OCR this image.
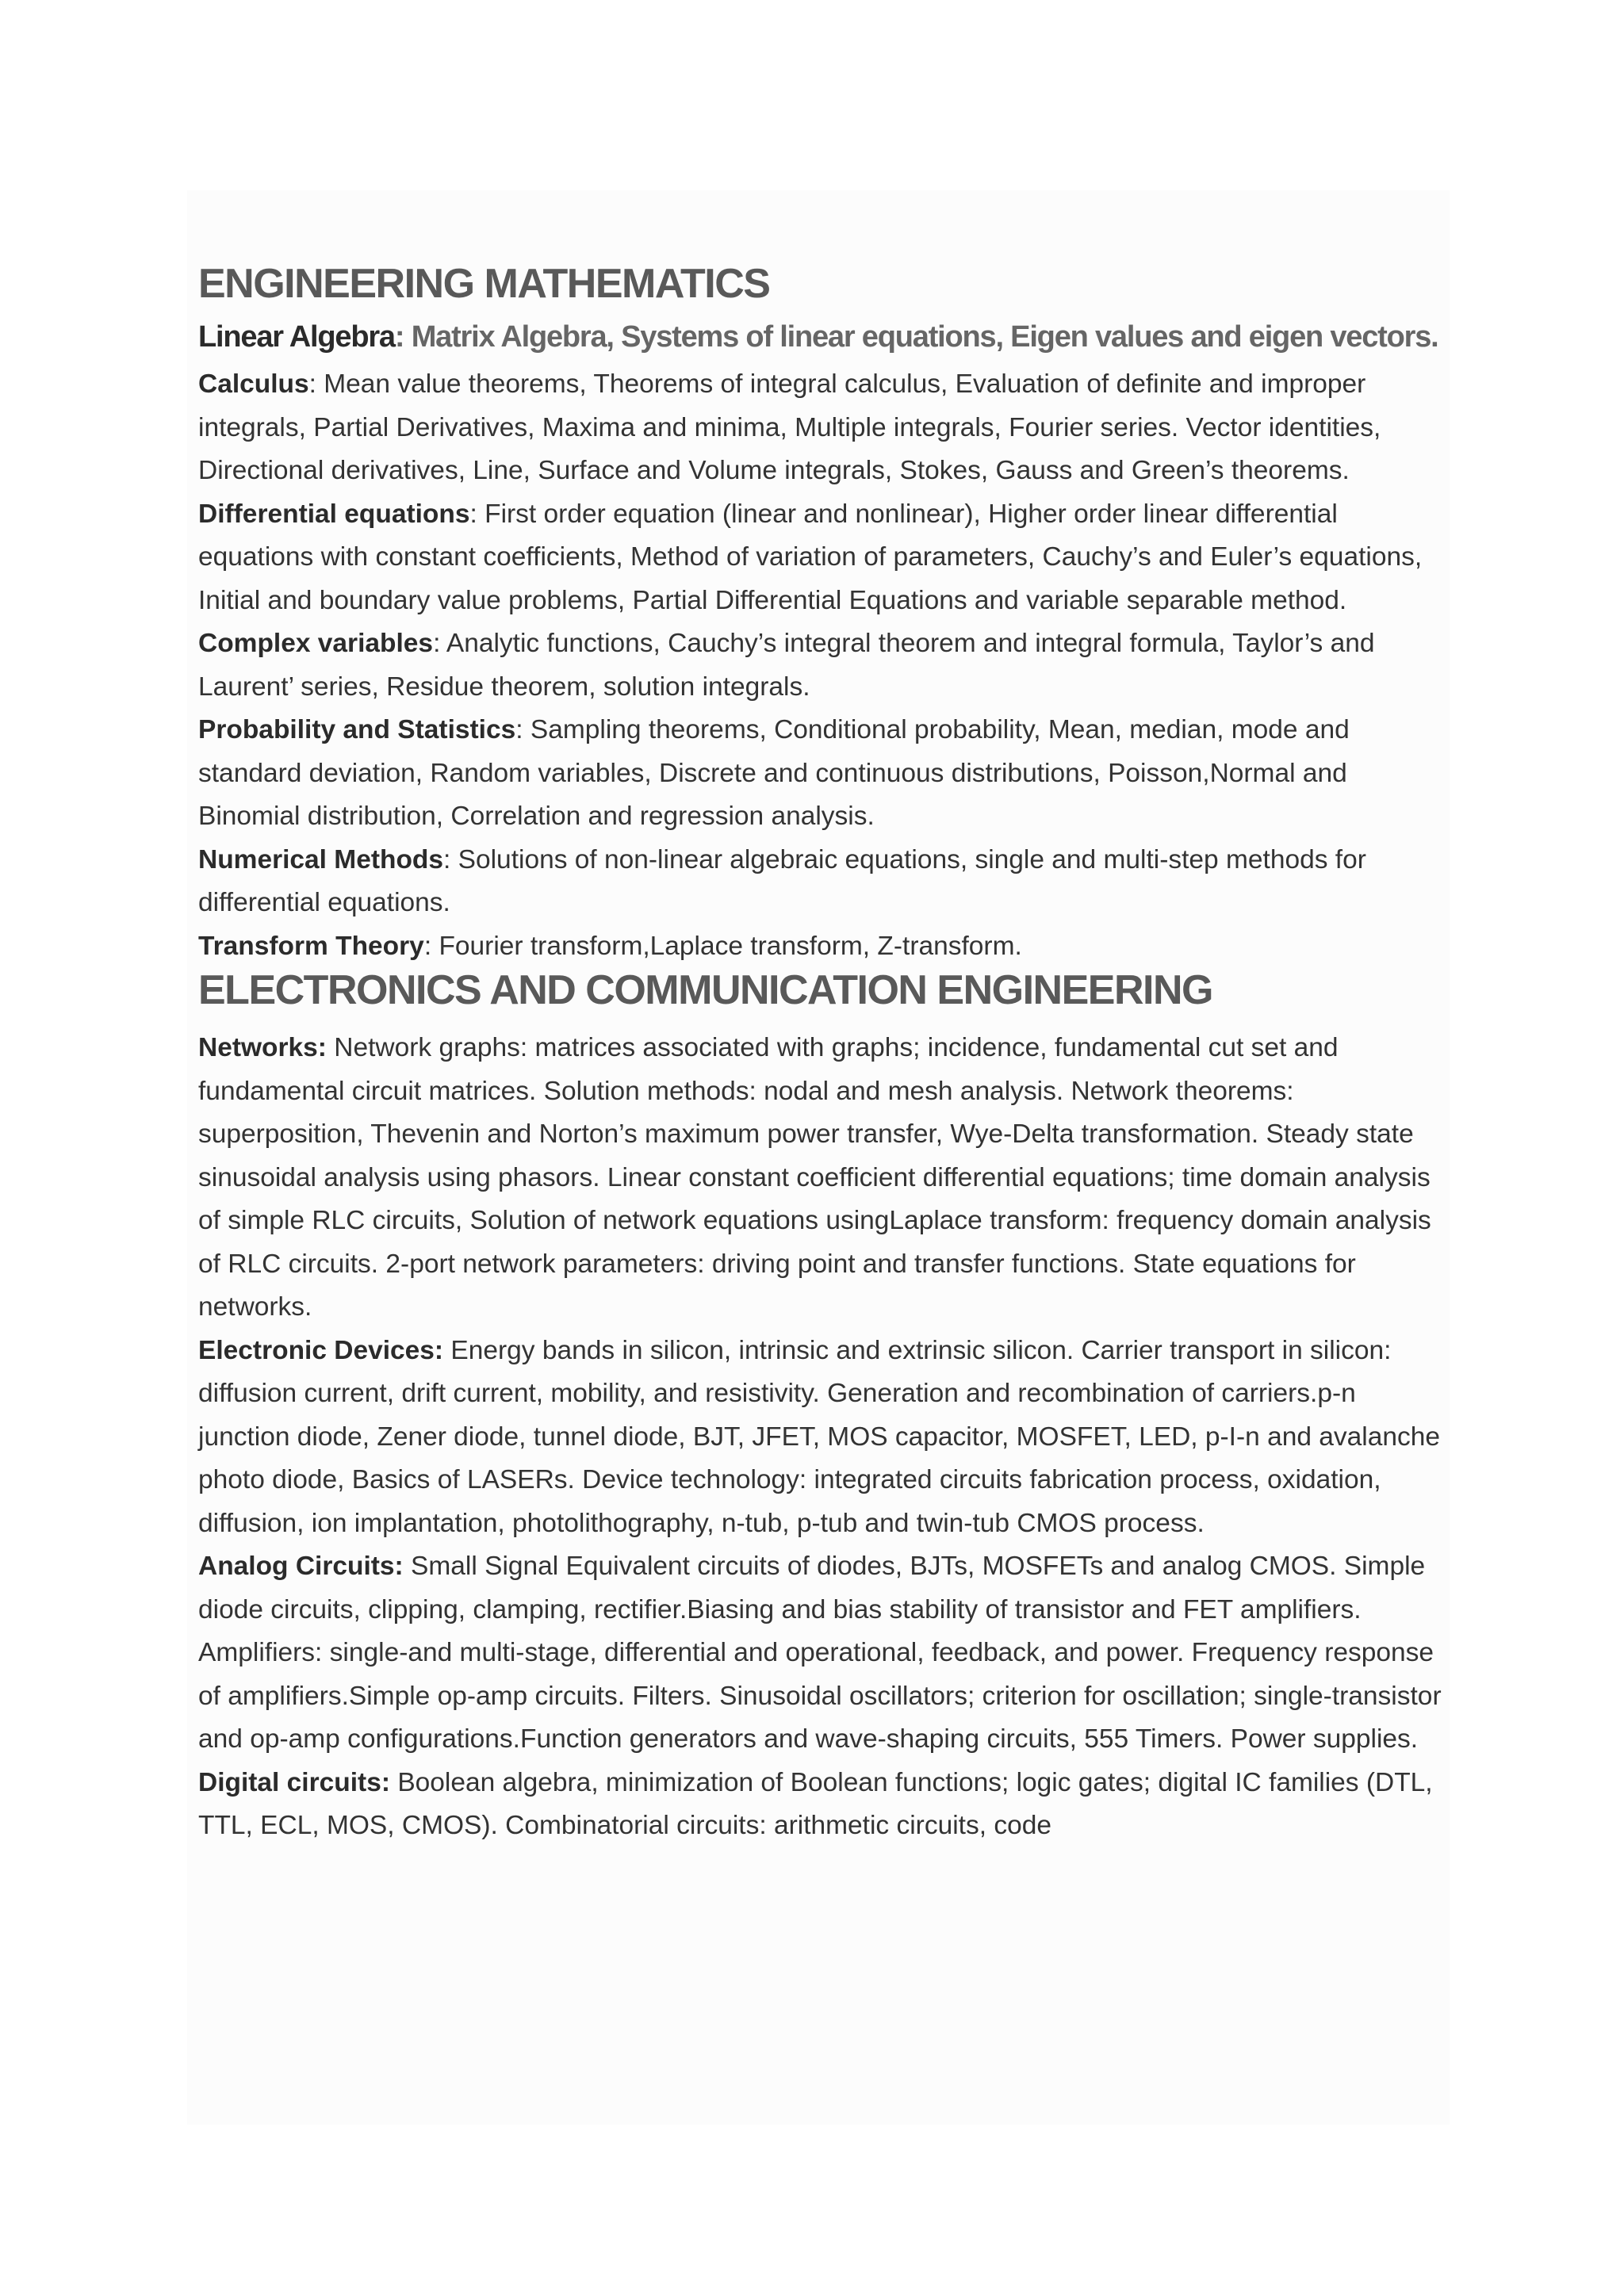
ENGINEERING MATHEMATICS

Linear Algebra: Matrix Algebra, Systems of linear equations, Eigen values and eigen vectors.

Calculus: Mean value theorems, Theorems of integral calculus, Evaluation of definite and improper integrals, Partial Derivatives, Maxima and minima, Multiple integrals, Fourier series. Vector identities, Directional derivatives, Line, Surface and Volume integrals, Stokes, Gauss and Green’s theorems.

Differential equations: First order equation (linear and nonlinear), Higher order linear differential equations with constant coefficients, Method of variation of parameters, Cauchy’s and Euler’s equations, Initial and boundary value problems, Partial Differential Equations and variable separable method.

Complex variables: Analytic functions, Cauchy’s integral theorem and integral formula, Taylor’s and Laurent’ series, Residue theorem, solution integrals.

Probability and Statistics: Sampling theorems, Conditional probability, Mean, median, mode and standard deviation, Random variables, Discrete and continuous distributions, Poisson,Normal and Binomial distribution, Correlation and regression analysis.

Numerical Methods: Solutions of non-linear algebraic equations, single and multi-step methods for differential equations.

Transform Theory: Fourier transform,Laplace transform, Z-transform.

ELECTRONICS AND COMMUNICATION ENGINEERING

Networks: Network graphs: matrices associated with graphs; incidence, fundamental cut set and fundamental circuit matrices. Solution methods: nodal and mesh analysis. Network theorems: superposition, Thevenin and Norton’s maximum power transfer, Wye-Delta transformation. Steady state sinusoidal analysis using phasors. Linear constant coefficient differential equations; time domain analysis of simple RLC circuits, Solution of network equations usingLaplace transform: frequency domain analysis of RLC circuits. 2-port network parameters: driving point and transfer functions. State equations for networks.

Electronic Devices: Energy bands in silicon, intrinsic and extrinsic silicon. Carrier transport in silicon: diffusion current, drift current, mobility, and resistivity. Generation and recombination of carriers.p-n junction diode, Zener diode, tunnel diode, BJT, JFET, MOS capacitor, MOSFET, LED, p-I-n and avalanche photo diode, Basics of LASERs. Device technology: integrated circuits fabrication process, oxidation, diffusion, ion implantation, photolithography, n-tub, p-tub and twin-tub CMOS process.

Analog Circuits: Small Signal Equivalent circuits of diodes, BJTs, MOSFETs and analog CMOS. Simple diode circuits, clipping, clamping, rectifier.Biasing and bias stability of transistor and FET amplifiers. Amplifiers: single-and multi-stage, differential and operational, feedback, and power. Frequency response of amplifiers.Simple op-amp circuits. Filters. Sinusoidal oscillators; criterion for oscillation; single-transistor and op-amp configurations.Function generators and wave-shaping circuits, 555 Timers. Power supplies.

Digital circuits: Boolean algebra, minimization of Boolean functions; logic gates; digital IC families (DTL, TTL, ECL, MOS, CMOS). Combinatorial circuits: arithmetic circuits, code
